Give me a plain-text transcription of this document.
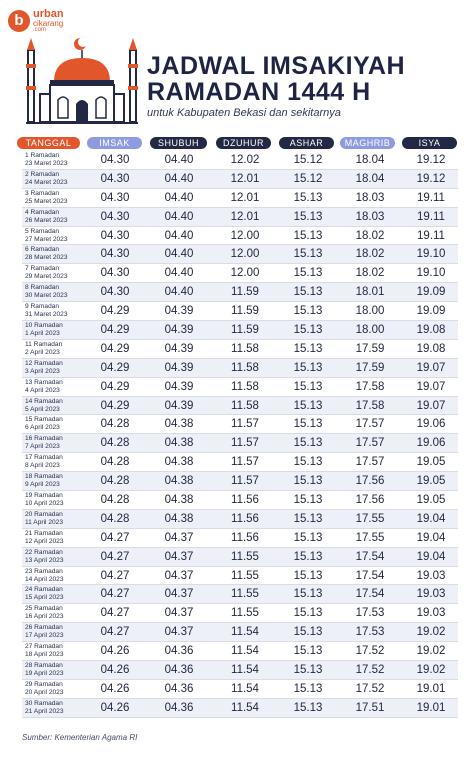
b urban
cikarang
.com
JADWAL IMSAKIYAH
RAMADAN 1444 H
untuk Kabupaten Bekasi dan sekitarnya
TANGGAL	IMSAK	SHUBUH	DZUHUR	ASHAR	MAGHRIB	ISYA
1 Ramadan
23 Maret 2023	04.30	04.40	12.02	15.12	18.04	19.12
2 Ramadan
24 Maret 2023	04.30	04.40	12.01	15.12	18.04	19.12
3 Ramadan
25 Maret 2023	04.30	04.40	12.01	15.13	18.03	19.11
4 Ramadan
26 Maret 2023	04.30	04.40	12.01	15.13	18.03	19.11
5 Ramadan
27 Maret 2023	04.30	04.40	12.00	15.13	18.02	19.11
6 Ramadan
28 Maret 2023	04.30	04.40	12.00	15.13	18.02	19.10
7 Ramadan
29 Maret 2023	04.30	04.40	12.00	15.13	18.02	19.10
8 Ramadan
30 Maret 2023	04.30	04.40	11.59	15.13	18.01	19.09
9 Ramadan
31 Maret 2023	04.29	04.39	11.59	15.13	18.00	19.09
10 Ramadan
1 April 2023	04.29	04.39	11.59	15.13	18.00	19.08
11 Ramadan
2 April 2023	04.29	04.39	11.58	15.13	17.59	19.08
12 Ramadan
3 April 2023	04.29	04.39	11.58	15.13	17.59	19.07
13 Ramadan
4 April 2023	04.29	04.39	11.58	15.13	17.58	19.07
14 Ramadan
5 April 2023	04.29	04.39	11.58	15.13	17.58	19.07
15 Ramadan
6 April 2023	04.28	04.38	11.57	15.13	17.57	19.06
16 Ramadan
7 April 2023	04.28	04.38	11.57	15.13	17.57	19.06
17 Ramadan
8 April 2023	04.28	04.38	11.57	15.13	17.57	19.05
18 Ramadan
9 April 2023	04.28	04.38	11.57	15.13	17.56	19.05
19 Ramadan
10 April 2023	04.28	04.38	11.56	15.13	17.56	19.05
20 Ramadan
11 April 2023	04.28	04.38	11.56	15.13	17.55	19.04
21 Ramadan
12 April 2023	04.27	04.37	11.56	15.13	17.55	19.04
22 Ramadan
13 April 2023	04.27	04.37	11.55	15.13	17.54	19.04
23 Ramadan
14 April 2023	04.27	04.37	11.55	15.13	17.54	19.03
24 Ramadan
15 April 2023	04.27	04.37	11.55	15.13	17.54	19.03
25 Ramadan
16 April 2023	04.27	04.37	11.55	15.13	17.53	19.03
26 Ramadan
17 April 2023	04.27	04.37	11.54	15.13	17.53	19.02
27 Ramadan
18 April 2023	04.26	04.36	11.54	15.13	17.52	19.02
28 Ramadan
19 April 2023	04.26	04.36	11.54	15.13	17.52	19.02
29 Ramadan
20 April 2023	04.26	04.36	11.54	15.13	17.52	19.01
30 Ramadan
21 April 2023	04.26	04.36	11.54	15.13	17.51	19.01
Sumber: Kementerian Agama RI
